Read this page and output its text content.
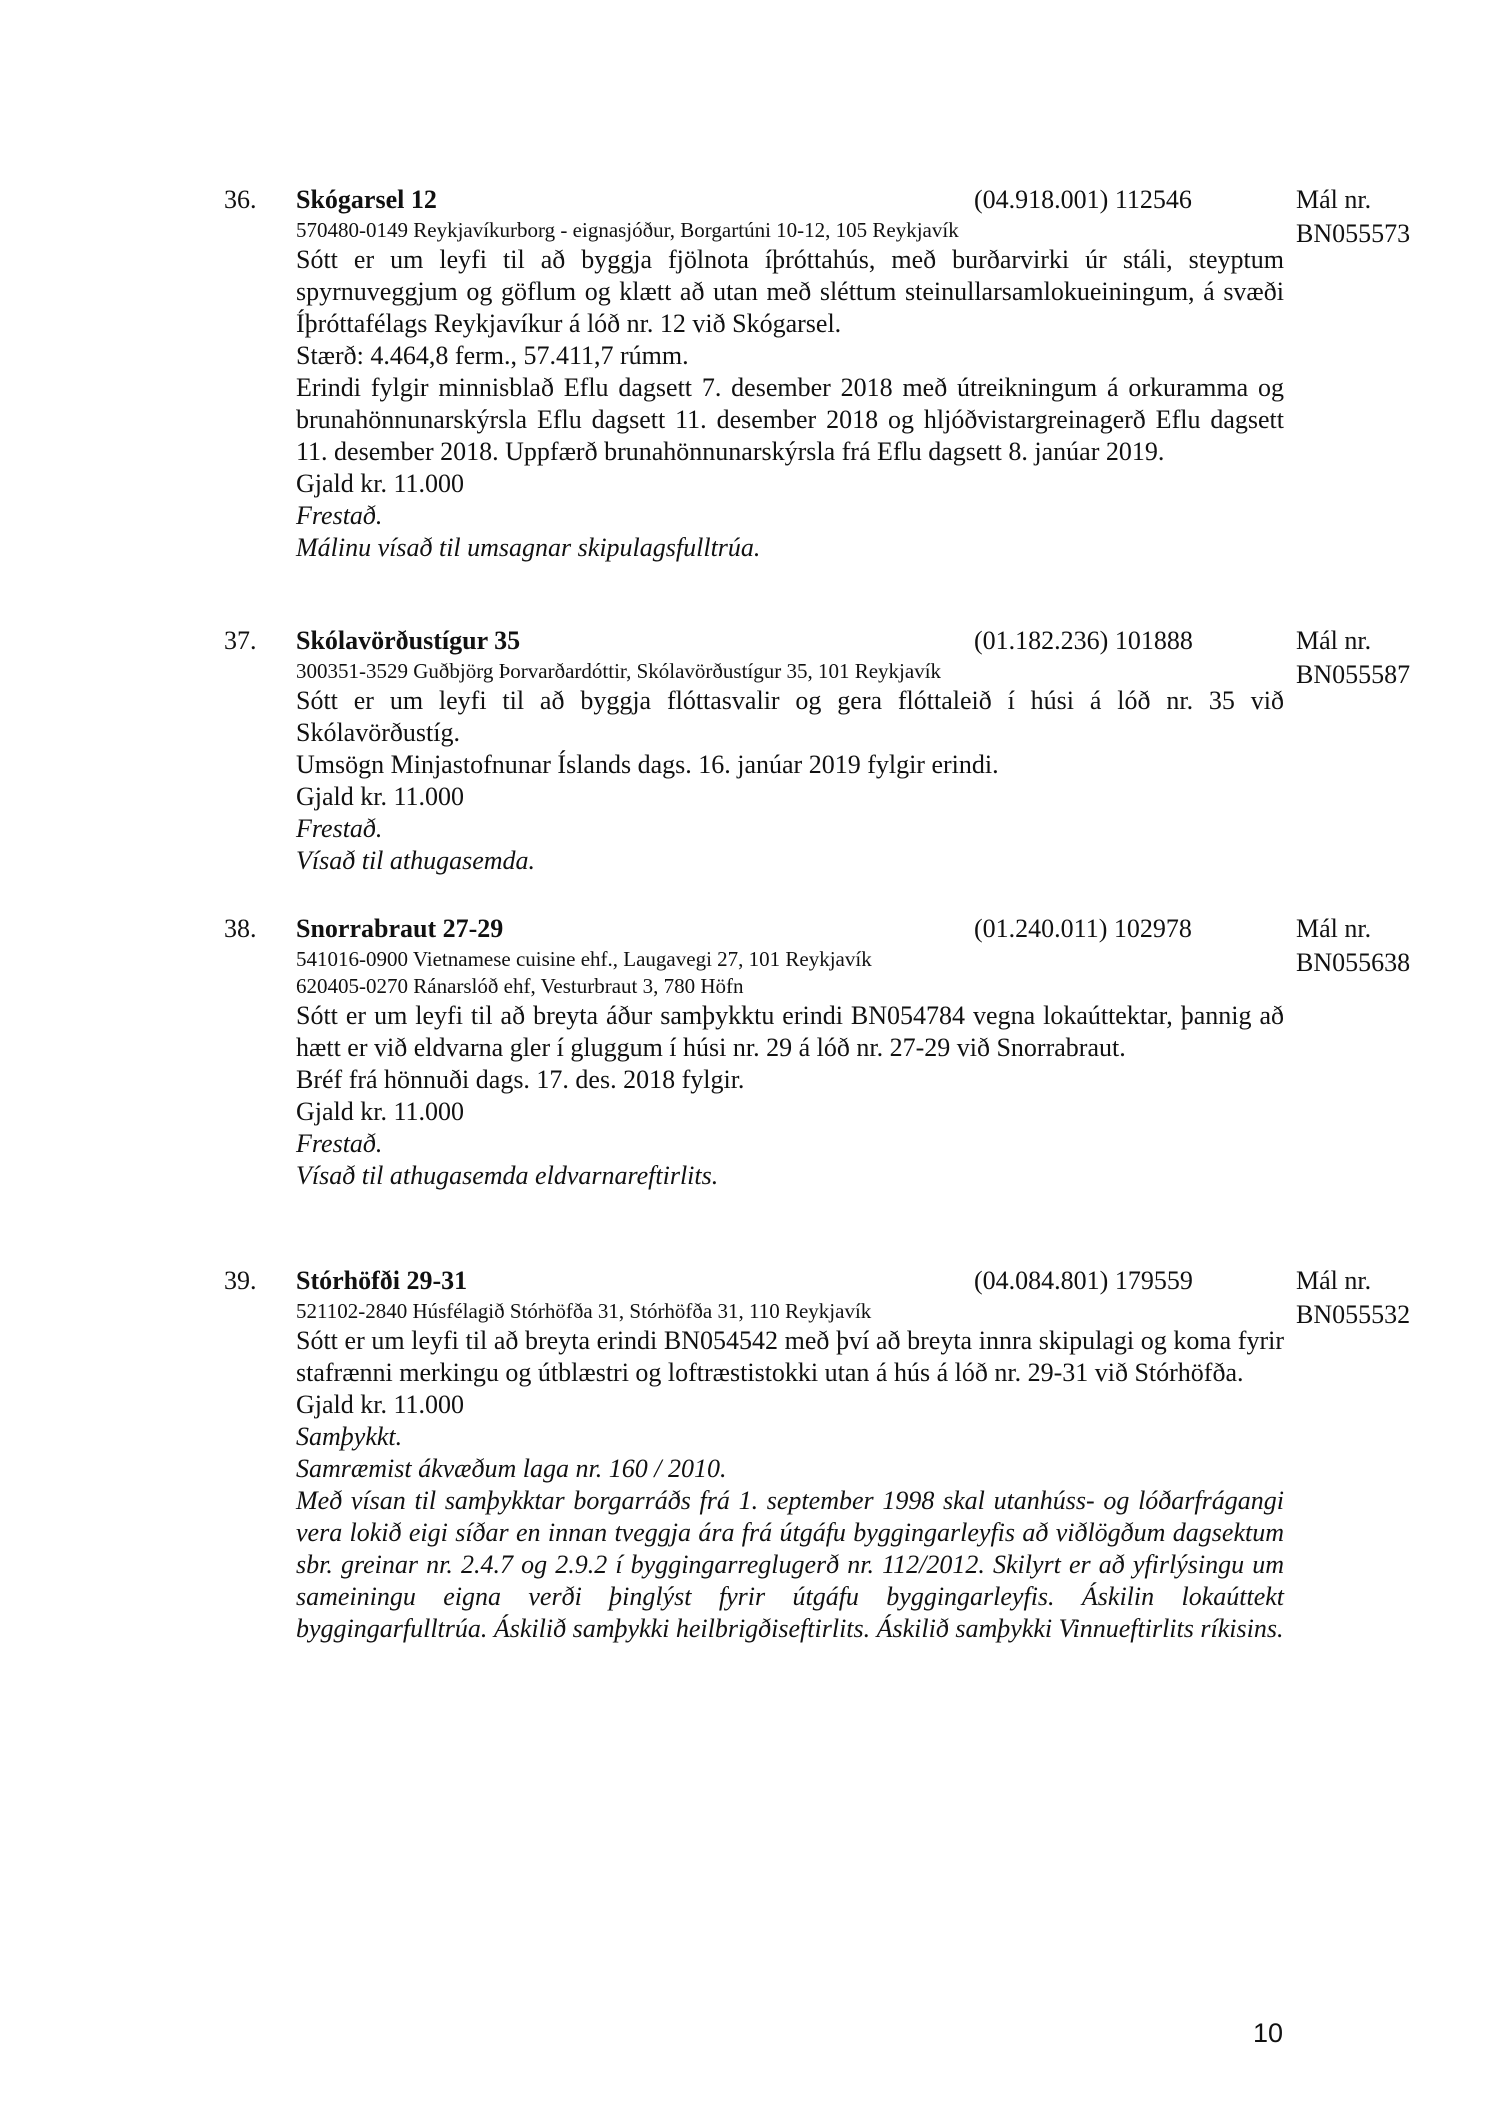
36. Skógarsel 12	(04.918.001) 112546	Mál nr. BN055573
570480-0149 Reykjavíkurborg - eignasjóður, Borgartúni 10-12, 105 Reykjavík
Sótt er um leyfi til að byggja fjölnota íþróttahús, með burðarvirki úr stáli, steyptum spyrnuveggjum og göflum og klætt að utan með sléttum steinullarsamlokueiningum, á svæði Íþróttafélags Reykjavíkur á lóð nr. 12 við Skógarsel.
Stærð: 4.464,8 ferm., 57.411,7 rúmm.
Erindi fylgir minnisblað Eflu dagsett 7. desember 2018 með útreikningum á orkuramma og brunahönnunarskýrsla Eflu dagsett 11. desember 2018 og hljóðvistargreinagerð Eflu dagsett 11. desember 2018. Uppfærð brunahönnunarskýrsla frá Eflu dagsett 8. janúar 2019.
Gjald kr. 11.000
Frestað.
Málinu vísað til umsagnar skipulagsfulltrúa.
37. Skólavörðustígur 35	(01.182.236) 101888	Mál nr. BN055587
300351-3529 Guðbjörg Þorvarðardóttir, Skólavörðustígur 35, 101 Reykjavík
Sótt er um leyfi til að byggja flóttasvalir og gera flóttaleið í húsi á lóð nr. 35 við Skólavörðustíg.
Umsögn Minjastofnunar Íslands dags. 16. janúar 2019 fylgir erindi.
Gjald kr. 11.000
Frestað.
Vísað til athugasemda.
38. Snorrabraut 27-29	(01.240.011) 102978	Mál nr. BN055638
541016-0900 Vietnamese cuisine ehf., Laugavegi 27, 101 Reykjavík
620405-0270 Ránarslóð ehf, Vesturbraut 3, 780 Höfn
Sótt er um leyfi til að breyta áður samþykktu erindi BN054784 vegna lokaúttektar, þannig að hætt er við eldvarna gler í gluggum í húsi nr. 29 á lóð nr. 27-29 við Snorrabraut.
Bréf frá hönnuði dags. 17. des. 2018 fylgir.
Gjald kr. 11.000
Frestað.
Vísað til athugasemda eldvarnareftirlits.
39. Stórhöfði 29-31	(04.084.801) 179559	Mál nr. BN055532
521102-2840 Húsfélagið Stórhöfða 31, Stórhöfða 31, 110 Reykjavík
Sótt er um leyfi til að breyta erindi BN054542 með því að breyta innra skipulagi og koma fyrir stafrænni merkingu og útblæstri og loftræstistokki utan á hús á lóð nr. 29-31 við Stórhöfða.
Gjald kr. 11.000
Samþykkt.
Samræmist ákvæðum laga nr. 160 / 2010.
Með vísan til samþykktar borgarráðs frá 1. september 1998 skal utanhúss- og lóðarfrágangi vera lokið eigi síðar en innan tveggja ára frá útgáfu byggingarleyfis að viðlögðum dagsektum sbr. greinar nr. 2.4.7 og 2.9.2 í byggingarreglugerð nr. 112/2012. Skilyrt er að yfirlýsingu um sameiningu eigna verði þinglýst fyrir útgáfu byggingarleyfis. Áskilin lokaúttekt byggingarfulltrúa. Áskilið samþykki heilbrigðiseftirlits. Áskilið samþykki Vinnueftirlits ríkisins.
10
